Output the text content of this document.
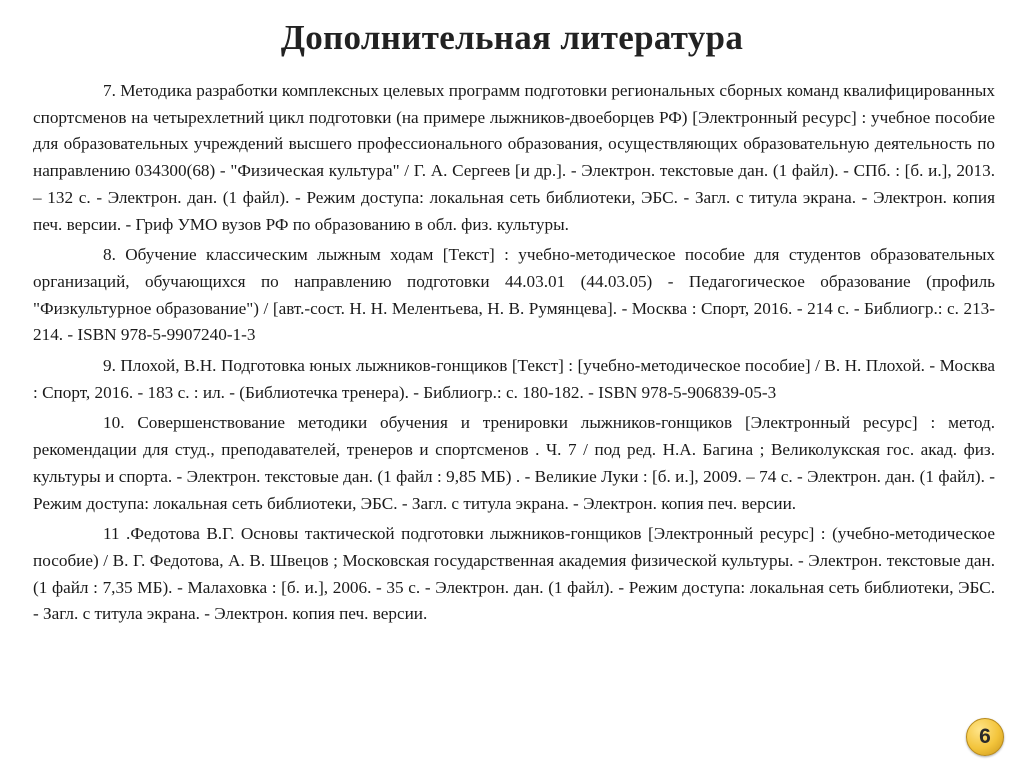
Дополнительная литература

7. Методика разработки комплексных целевых программ подготовки региональных сборных команд квалифицированных спортсменов на четырехлетний цикл подготовки (на примере лыжников-двоеборцев РФ) [Электронный ресурс] : учебное пособие для образовательных учреждений высшего профессионального образования, осуществляющих образовательную деятельность по направлению 034300(68) - "Физическая культура" / Г. А. Сергеев [и др.]. - Электрон. текстовые дан. (1 файл). - СПб. : [б. и.], 2013. – 132 с. - Электрон. дан. (1 файл). - Режим доступа: локальная сеть библиотеки, ЭБС. - Загл. с титула экрана. - Электрон. копия печ. версии. - Гриф УМО вузов РФ по образованию в обл. физ. культуры.

8. Обучение классическим лыжным ходам [Текст] : учебно-методическое пособие для студентов образовательных организаций, обучающихся по направлению подготовки 44.03.01 (44.03.05) - Педагогическое образование (профиль "Физкультурное образование") / [авт.-сост. Н. Н. Мелентьева, Н. В. Румянцева]. - Москва : Спорт, 2016. - 214 с. - Библиогр.: с. 213-214. - ISBN 978-5-9907240-1-3

9. Плохой, В.Н. Подготовка юных лыжников-гонщиков [Текст] : [учебно-методическое пособие] / В. Н. Плохой. - Москва : Спорт, 2016. - 183 с. : ил. - (Библиотечка тренера). - Библиогр.: с. 180-182. - ISBN 978-5-906839-05-3

10. Совершенствование методики обучения и тренировки лыжников-гонщиков [Электронный ресурс] : метод. рекомендации для студ., преподавателей, тренеров и спортсменов . Ч. 7 / под ред. Н.А. Багина ; Великолукская гос. акад. физ. культуры и спорта. - Электрон. текстовые дан. (1 файл : 9,85 МБ) . - Великие Луки : [б. и.], 2009. – 74 с. - Электрон. дан. (1 файл). - Режим доступа: локальная сеть библиотеки, ЭБС. - Загл. с титула экрана. - Электрон. копия печ. версии.

11 .Федотова В.Г. Основы тактической подготовки лыжников-гонщиков [Электронный ресурс] : (учебно-методическое пособие) / В. Г. Федотова, А. В. Швецов ; Московская государственная академия физической культуры. - Электрон. текстовые дан. (1 файл : 7,35 МБ). - Малаховка : [б. и.], 2006. - 35 с. - Электрон. дан. (1 файл). - Режим доступа: локальная сеть библиотеки, ЭБС. - Загл. с титула экрана. - Электрон. копия печ. версии.

6
